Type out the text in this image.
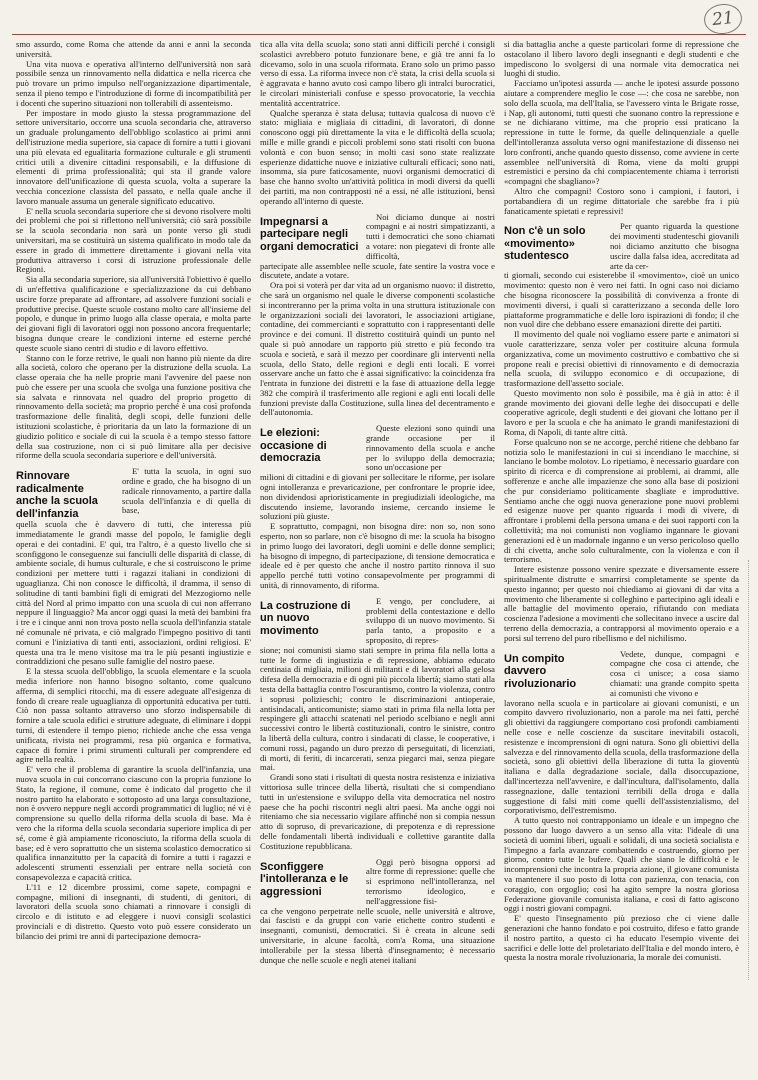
21

smo assurdo, come Roma che attende da anni e anni la seconda università.

Una vita nuova e operativa all'interno dell'università non sarà possibile senza un rinnovamento nella didattica e nella ricerca che può trovare un primo impulso nell'organizzazione dipartimentale, senza il pieno tempo e l'introduzione di forme di incompatibilità per i docenti che superino situazioni non tollerabili di assenteismo.

Per impostare in modo giusto la stessa programmazione del settore universitario, occorre una scuola secondaria che, attraverso un graduale prolungamento dell'obbligo scolastico ai primi anni dell'istruzione media superiore, sia capace di fornire a tutti i giovani una più elevata ed egualitaria formazione culturale e gli strumenti critici utili a divenire cittadini responsabili, e la diffusione di elementi di prima professionalità; qui sta il grande valore innovatore dell'unificazione di questa scuola, volta a superare la vecchia concezione classista del passato, e nella quale anche il lavoro manuale assuma un generale significato educativo.

E' nella scuola secondaria superiore che si devono risolvere molti dei problemi che poi si riflettono nell'università; ciò sarà possibile se la scuola secondaria non sarà un ponte verso gli studi universitari, ma se costituirà un sistema qualificato in modo tale da essere in grado di immettere direttamente i giovani nella vita produttiva attraverso i corsi di istruzione professionale delle Regioni.

Sia alla secondaria superiore, sia all'università l'obiettivo è quello di un'effettiva qualificazione e specializzazione da cui debbano uscire forze preparate ad affrontare, ad assolvere funzioni sociali e produttive precise. Queste scuole costano molto care all'insieme del popolo, e dunque in primo luogo alla classe operaia, e molta parte dei giovani figli di lavoratori oggi non possono ancora frequentarle; bisogna dunque creare le condizioni interne ed esterne perché queste scuole siano centri di studio e di lavoro effettivo.

Stanno con le forze retrive, le quali non hanno più niente da dire alla società, coloro che operano per la distruzione della scuola. La classe operaia che ha nelle proprie mani l'avvenire del paese non può che essere per una scuola che svolga una funzione positiva che sia salvata e rinnovata nel quadro del proprio progetto di rinnovamento della società; ma proprio perché è una così profonda trasformazione delle finalità, degli scopi, delle funzioni delle istituzioni scolastiche, è prioritaria da un lato la formazione di un giudizio politico e sociale di cui la scuola è a tempo stesso fattore della sua costruzione, non ci si può limitare alla per decisive riforme della scuola secondaria superiore e dell'università.

Rinnovare radicalmente anche la scuola dell'infanzia

E' tutta la scuola, in ogni suo ordine e grado, che ha bisogno di un radicale rinnovamento, a partire dalla scuola dell'infanzia e di quella di base,

quella scuola che è davvero di tutti, che interessa più immediatamente le grandi masse del popolo, le famiglie degli operai e dei contadini. E' qui, tra l'altro, è a questo livello che si sconfiggono le conseguenze sui fanciulli delle disparità di classe, di ambiente sociale, di humus culturale, e che si costruiscono le prime condizioni per mettere tutti i ragazzi italiani in condizioni di uguaglianza. Chi non conosce le difficoltà, il dramma, il senso di solitudine di tanti bambini figli di emigrati del Mezzogiorno nelle città del Nord al primo impatto con una scuola di cui non afferrano neppure il linguaggio? Ma ancor oggi quasi la metà dei bambini fra i tre e i cinque anni non trova posto nella scuola dell'infanzia statale né comunale né privata, e ciò malgrado l'impegno positivo di tanti comuni e l'iniziativa di tanti enti, associazioni, ordini religiosi. E' questa una tra le meno visitose ma tra le più pesanti ingiustizie e contraddizioni che pesano sulle famiglie del nostro paese.

E la stessa scuola dell'obbligo, la scuola elementare e la scuola media inferiore non hanno bisogno soltanto, come qualcuno afferma, di semplici ritocchi, ma di essere adeguate all'esigenza di fondo di creare reale uguaglianza di opportunità educativa per tutti. Ciò non passa soltanto attraverso uno sforzo indispensabile di fornire a tale scuola edifici e strutture adeguate, di eliminare i doppi turni, di estendere il tempo pieno; richiede anche che essa venga unificata, rivista nei programmi, resa più organica e formativa, capace di fornire i primi strumenti culturali per comprendere ed agire nella realtà.

E' vero che il problema di garantire la scuola dell'infanzia, una nuova scuola in cui concorrano ciascuno con la propria funzione lo Stato, la regione, il comune, come è indicato dal progetto che il nostro partito ha elaborato e sottoposto ad una larga consultazione, non è ovvero neppure negli accordi programmatici di luglio; né vi è comprensione su quello della riforma della scuola di base. Ma è vero che la riforma della scuola secondaria superiore implica di per sé, come è già ampiamente riconosciuto, la riforma della scuola di base; ed è vero soprattutto che un sistema scolastico democratico si qualifica innanzitutto per la capacità di fornire a tutti i ragazzi e adolescenti strumenti essenziali per entrare nella società con consapevolezza e capacità critica.

L'11 e 12 dicembre prossimi, come sapete, compagni e compagne, milioni di insegnanti, di studenti, di genitori, di lavoratori della scuola sono chiamati a rinnovare i consigli di circolo e di istituto e ad eleggere i nuovi consigli scolastici provinciali e di distretto. Questo voto può essere considerato un bilancio dei primi tre anni di partecipazione democra-

tica alla vita della scuola; sono stati anni difficili perché i consigli scolastici avrebbero potuto funzionare bene, e già tre anni fa lo dicevamo, solo in una scuola riformata. Erano solo un primo passo verso di essa. La riforma invece non c'è stata, la crisi della scuola si è aggravata e hanno avuto così campo libero gli intralci burocratici, le circolari ministeriali confuse e spesso provocatorie, la vecchia mentalità accentratrice.

Qualche speranza è stata delusa; tuttavia qualcosa di nuovo c'è stato: migliaia e migliaia di cittadini, di lavoratori, di donne conoscono oggi più direttamente la vita e le difficoltà della scuola; mille e mille grandi e piccoli problemi sono stati risolti con buona volontà e con buon senso; in molti casi sono state realizzate esperienze didattiche nuove e iniziative culturali efficaci; sono nati, insomma, sia pure faticosamente, nuovi organismi democratici di base che hanno svolto un'attività politica in modi diversi da quelli dei partiti, ma non contrapposti né a essi, né alle istituzioni, bensì operando all'interno di queste.

Impegnarsi a partecipare negli organi democratici

Noi diciamo dunque ai nostri compagni e ai nostri simpatizzanti, a tutti i democratici che sono chiamati a votare: non piegatevi di fronte alle difficoltà,

partecipate alle assemblee nelle scuole, fate sentire la vostra voce e discutete, andate a votare.

Ora poi si voterà per dar vita ad un organismo nuovo: il distretto, che sarà un organismo nel quale le diverse componenti scolastiche si incontreranno per la prima volta in una struttura istituzionale con le organizzazioni sociali dei lavoratori, le associazioni artigiane, contadine, dei commercianti e soprattutto con i rappresentanti delle province e dei comuni. Il distretto costituirà quindi un punto nel quale si può annodare un rapporto più stretto e più fecondo tra scuola e società, e sarà il mezzo per coordinare gli interventi nella scuola, dello Stato, delle regioni e degli enti locali. E vorrei osservare anche un fatto che è assai significativo: la coincidenza fra l'entrata in funzione dei distretti e la fase di attuazione della legge 382 che compirà il trasferimento alle regioni e agli enti locali delle funzioni previste dalla Costituzione, sulla linea del decentramento e dell'autonomia.

Le elezioni: occasione di democrazia

Queste elezioni sono quindi una grande occasione per il rinnovamento della scuola e anche per lo sviluppo della democrazia; sono un'occasione per

milioni di cittadini e di giovani per sollecitare le riforme, per isolare ogni intolleranza e prevaricazione, per confrontare le proprie idee, non dividendosi aprioristicamente in pregiudiziali ideologiche, ma discutendo insieme, lavorando insieme, cercando insieme le soluzioni più giuste.

E soprattutto, compagni, non bisogna dire: non so, non sono esperto, non so parlare, non c'è bisogno di me: la scuola ha bisogno in primo luogo dei lavoratori, degli uomini e delle donne semplici; ha bisogno di impegno, di partecipazione, di tensione democratica e ideale ed è per questo che anche il nostro partito rinnova il suo appello perché tutti votino consapevolmente per programmi di unità, di rinnovamento, di riforma.

La costruzione di un nuovo movimento

E vengo, per concludere, ai problemi della contestazione e dello sviluppo di un nuovo movimento. Si parla tanto, a proposito e a sproposito, di repres-

sione; noi comunisti siamo stati sempre in prima fila nella lotta a tutte le forme di ingiustizia e di repressione, abbiamo educato centinaia di migliaia, milioni di militanti e di lavoratori alla gelosa difesa della democrazia e di ogni più piccola libertà; siamo stati alla testa della battaglia contro l'oscurantismo, contro la violenza, contro i soprusi polizieschi; contro le discriminazioni antioperaie, antisindacali, anticomuniste; siamo stati in prima fila nella lotta per respingere gli attacchi scatenati nel periodo scelbiano e negli anni successivi contro le libertà costituzionali, contro le sinistre, contro la libertà della cultura, contro i sindacati di classe, le cooperative, i comuni rossi, pagando un duro prezzo di perseguitati, di licenziati, di morti, di feriti, di incarcerati, senza piegarci mai, senza piegare mai.

Grandi sono stati i risultati di questa nostra resistenza e iniziativa vittoriosa sulle trincee della libertà, risultati che si compendiano tutti in un'estensione e sviluppo della vita democratica nel nostro paese che ha pochi riscontri negli altri paesi. Ma anche oggi noi riteniamo che sia necessario vigilare affinché non si compia nessun atto di sopruso, di prevaricazione, di prepotenza e di repressione delle fondamentali libertà individuali e collettive garantite dalla Costituzione repubblicana.

Sconfiggere l'intolleranza e le aggressioni

Oggi però bisogna opporsi ad altre forme di repressione: quelle che si esprimono nell'intolleranza, nel terrorismo ideologico, e nell'aggressione fisi-

ca che vengono perpetrate nelle scuole, nelle università e altrove, dai fascisti e da gruppi con varie etichette contro studenti e insegnanti, comunisti, democratici. Si è creata in alcune sedi universitarie, in alcune facoltà, com'a Roma, una situazione intollerabile per la stessa libertà d'insegnamento; è necessario dunque che nelle scuole e negli atenei italiani

si dia battaglia anche a queste particolari forme di repressione che ostacolano il libero lavoro degli insegnanti e degli studenti e che impediscono lo svolgersi di una normale vita democratica nei luoghi di studio.

Facciamo un'ipotesi assurda — anche le ipotesi assurde possono aiutare a comprendere meglio le cose —: che cosa ne sarebbe, non solo della scuola, ma dell'Italia, se l'avessero vinta le Brigate rosse, i Nap, gli autonomi, tutti questi che suonano contro la repressione e se ne dichiarano vittime, ma che proprio essi praticano la repressione in tutte le forme, da quelle delinquenziale a quelle dell'intolleranza assoluta verso ogni manifestazione di dissenso nei loro confronti, anche quando questo dissenso, come avviene in certe assemblee nell'università di Roma, viene da molti gruppi estremistici e persino da chi compiacentemente chiama i terroristi «compagni che sbagliano»?

Altro che compagni! Costoro sono i campioni, i fautori, i portabandiera di un regime dittatoriale che sarebbe fra i più fanaticamente spietati e repressivi!

Non c'è un solo «movimento» studentesco

Per quanto riguarda la questione dei movimenti studenteschi giovanili noi diciamo anzitutto che bisogna uscire dalla falsa idea, accreditata ad arte da cer-

ti giornali, secondo cui esisterebbe il «movimento», cioè un unico movimento: questo non è vero nei fatti. In ogni caso noi diciamo che bisogna riconoscere la possibilità di convivenza a fronte di movimenti diversi, i quali si caratterizzano a seconda delle loro piattaforme programmatiche e delle loro ispirazioni di fondo; il che non vuol dire che debbano essere emanazioni dirette dei partiti.

Il movimento del quale noi vogliamo essere parte e animatori si vuole caratterizzare, senza voler per costituire alcuna formula organizzativa, come un movimento costruttivo e combattivo che si propone reali e precisi obiettivi di rinnovamento e di democrazia nella scuola, di sviluppo economico e di occupazione, di trasformazione dell'assetto sociale.

Questo movimento non solo è possibile, ma è già in atto: è il grande movimento dei giovani delle leghe dei disoccupati e delle cooperative agricole, degli studenti e dei giovani che lottano per il lavoro e per la scuola e che ha animato le grandi manifestazioni di Roma, di Napoli, di tante altre città.

Forse qualcuno non se ne accorge, perché ritiene che debbano far notizia solo le manifestazioni in cui si incendiano le macchine, si lanciano le bombe molotov. Lo ripetiamo, è necessario guardare con spirito di ricerca e di comprensione ai problemi, ai drammi, alle sofferenze e anche alle impazienze che sono alla base di posizioni che pur consideriamo politicamente sbagliate e improduttive. Sentiamo anche che oggi nuova generazione pone nuovi problemi ed esigenze nuove per quanto riguarda i modi di vivere, di affrontare i problemi della persona umana e dei suoi rapporti con la collettività; ma noi comunisti non vogliamo ingannare le giovani generazioni ed è un madornale inganno e un verso pericoloso quello di chi civetta, anche solo culturalmente, con la violenza e con il terrorismo.

Intere esistenze possono venire spezzate e diversamente essere spiritualmente distrutte e smarrirsi completamente se spente da questo inganno; per questo noi chiediamo ai giovani di dar vita a movimento che liberamente si colleghino e partecipino agli ideali e alle battaglie del movimento operaio, rifiutando con mediata coscienza l'adesione a movimenti che sollecitano invece a uscire dal terreno della democrazia, a contrapporsi al movimento operaio e a porsi sul terreno del puro ribellismo e del nichilismo.

Un compito davvero rivoluzionario

Vedete, dunque, compagni e compagne che cosa ci attende, che cosa ci unisce; a cosa siamo chiamati: una grande compito spetta ai comunisti che vivono e

lavorano nella scuola e in particolare ai giovani comunisti, e un compito davvero rivoluzionario, non a parole ma nei fatti, perché gli obiettivi da raggiungere comportano così profondi cambiamenti nelle cose e nelle coscienze da suscitare inevitabili ostacoli, resistenze e incomprensioni di ogni natura. Sono gli obiettivi della salvezza e del rinnovamento della scuola, della trasformazione della società, sono gli obiettivi della liberazione di tutta la gioventù italiana e dalla degradazione sociale, dalla disoccupazione, dall'incertezza nell'avvenire, e dall'incultura, dall'isolamento, dalla rassegnazione, dalle tentazioni terribili della droga e dalla suggestione di falsi miti come quelli dell'assistenzialismo, del corporativismo, dell'estremismo.

A tutto questo noi contrapponiamo un ideale e un impegno che possono dar luogo davvero a un senso alla vita: l'ideale di una società di uomini liberi, uguali e solidali, di una società socialista e l'impegno a farla avanzare combattendo e costruendo, giorno per giorno, contro tutte le bufere. Quali che siano le difficoltà e le incomprensioni che incontra la propria azione, il giovane comunista va mantenere il suo posto di lotta con pazienza, con tenacia, con coraggio, con orgoglio; così ha agito sempre la nostra gloriosa Federazione giovanile comunista italiana, e così di fatto agiscono oggi i nostri giovani compagni.

E' questo l'insegnamento più prezioso che ci viene dalle generazioni che hanno fondato e poi costruito, difeso e fatto grande il nostro partito, a questo ci ha educato l'esempio vivente dei sacrifici e delle lotte del proletariato dell'Italia e del mondo intero, è questa la nostra morale rivoluzionaria, la morale dei comunisti.
